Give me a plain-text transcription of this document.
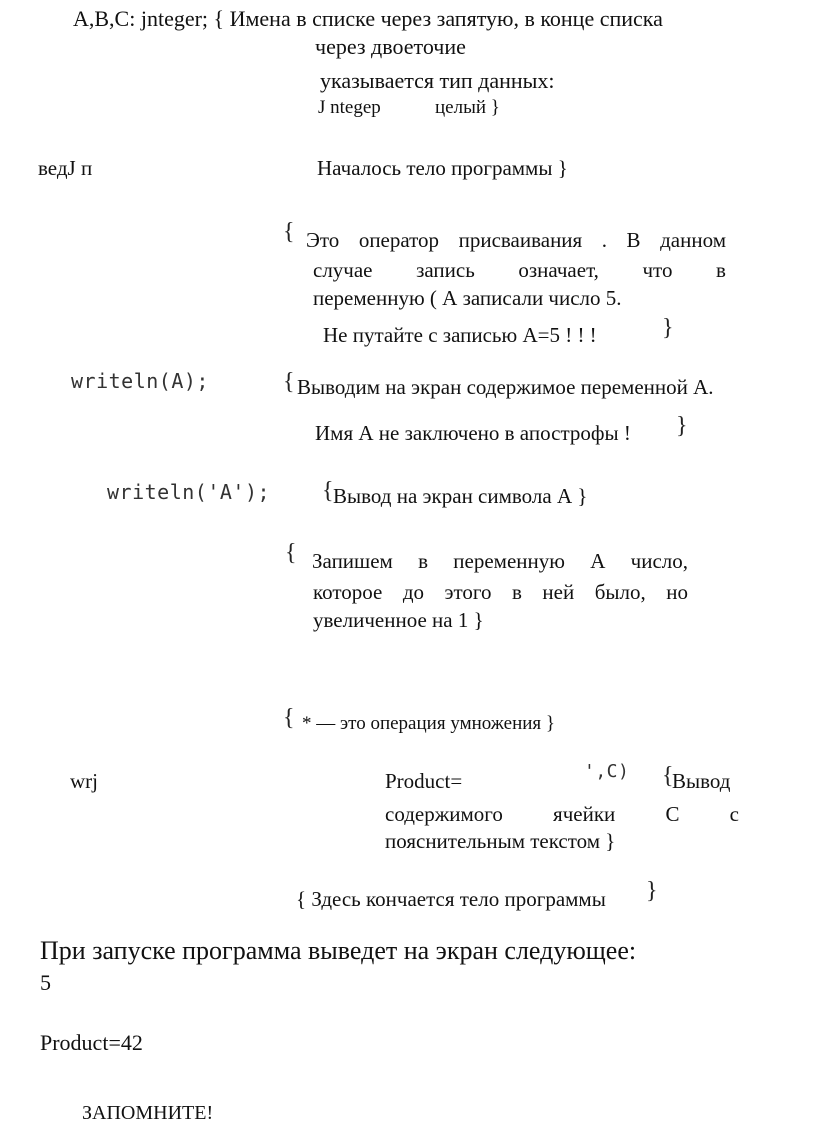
A,B,C: jnteger; { Имена в списке через запятую, в конце списка
через двоеточие
указывается тип данных:
J ntegep	целый }
ведJ п	Началось тело программы }
{ Это оператор присваивания . В данном
случае запись означает, что в
переменную ( А записали число 5.
Не путайте с записью А=5 ! ! !	}
writeln(A);	{ Выводим на экран содержимое переменной А.
Имя А не заключено в апострофы ! }
writeln('A'); { Вывод на экран символа А }
{ Запишем в переменную А число,
которое до этого в ней было, но
увеличенное на 1 }
{ * — это операция умножения }
wrj	Product=	',C) {
Вывод
содержимого ячейки С с
пояснительным текстом }
{ Здесь кончается тело программы }
При запуске программа выведет на экран следующее:
5
Product=42
ЗАПОМНИТЕ!
